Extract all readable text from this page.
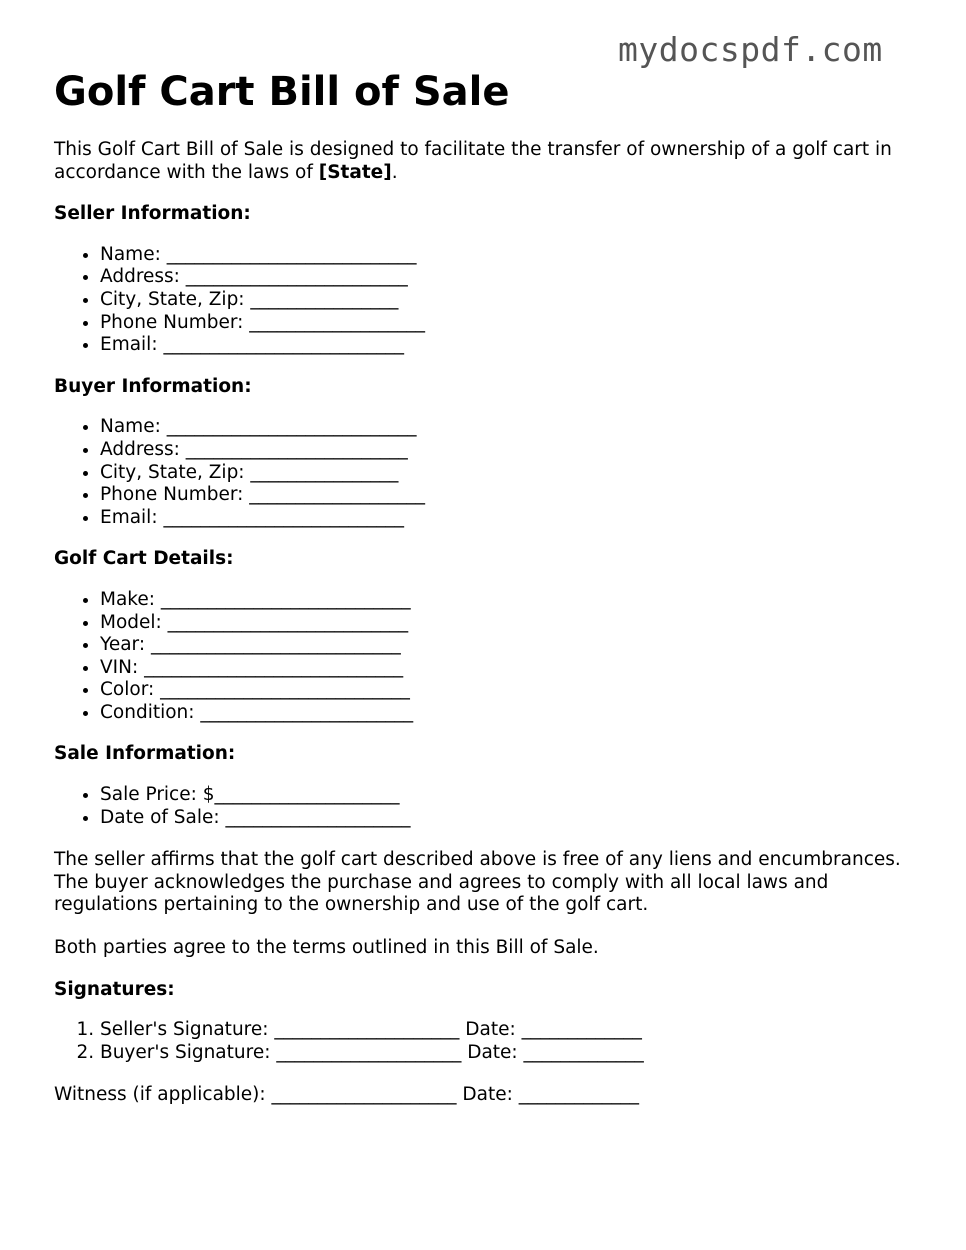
mydocspdf.com
Golf Cart Bill of Sale

This Golf Cart Bill of Sale is designed to facilitate the transfer of ownership of a golf cart in accordance with the laws of [State].

Seller Information:

• Name: ___________________________
• Address: ________________________
• City, State, Zip: ________________
• Phone Number: ___________________
• Email: __________________________

Buyer Information:

• Name: ___________________________
• Address: ________________________
• City, State, Zip: ________________
• Phone Number: ___________________
• Email: __________________________

Golf Cart Details:

• Make: ___________________________
• Model: __________________________
• Year: ___________________________
• VIN: ____________________________
• Color: ___________________________
• Condition: _______________________

Sale Information:

• Sale Price: $____________________
• Date of Sale: ____________________

The seller affirms that the golf cart described above is free of any liens and encumbrances. The buyer acknowledges the purchase and agrees to comply with all local laws and regulations pertaining to the ownership and use of the golf cart.

Both parties agree to the terms outlined in this Bill of Sale.

Signatures:

1. Seller's Signature: ____________________ Date: _____________
2. Buyer's Signature: ____________________ Date: _____________

Witness (if applicable): ____________________ Date: _____________
